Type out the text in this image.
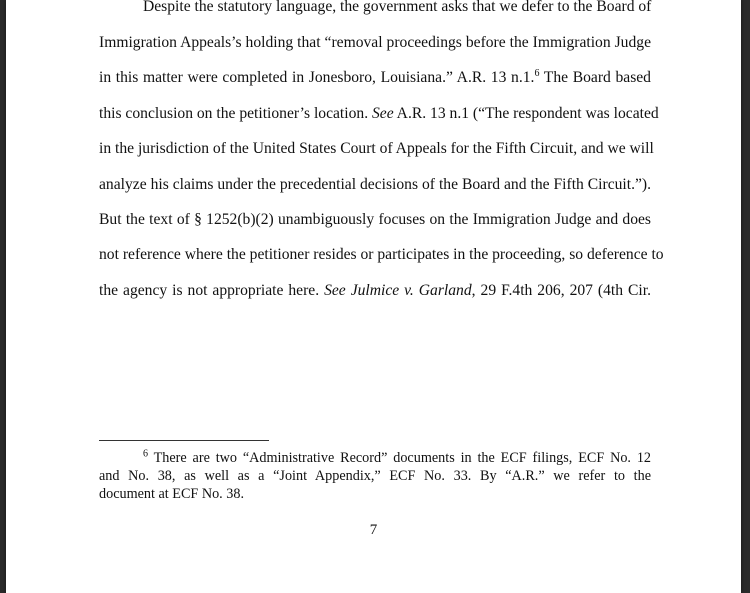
Despite the statutory language, the government asks that we defer to the Board of
Immigration Appeals’s holding that “removal proceedings before the Immigration Judge
in this matter were completed in Jonesboro, Louisiana.” A.R. 13 n.1.$^6$ The Board based
this conclusion on the petitioner’s location. See A.R. 13 n.1 (“The respondent was located
in the jurisdiction of the United States Court of Appeals for the Fifth Circuit, and we will
analyze his claims under the precedential decisions of the Board and the Fifth Circuit.”).
But the text of § 1252(b)(2) unambiguously focuses on the Immigration Judge and does
not reference where the petitioner resides or participates in the proceeding, so deference to
the agency is not appropriate here. See Julmice v. Garland, 29 F.4th 206, 207 (4th Cir.
$^6$ There are two “Administrative Record” documents in the ECF filings, ECF No. 12
and No. 38, as well as a “Joint Appendix,” ECF No. 33. By “A.R.” we refer to the
document at ECF No. 38.
7
